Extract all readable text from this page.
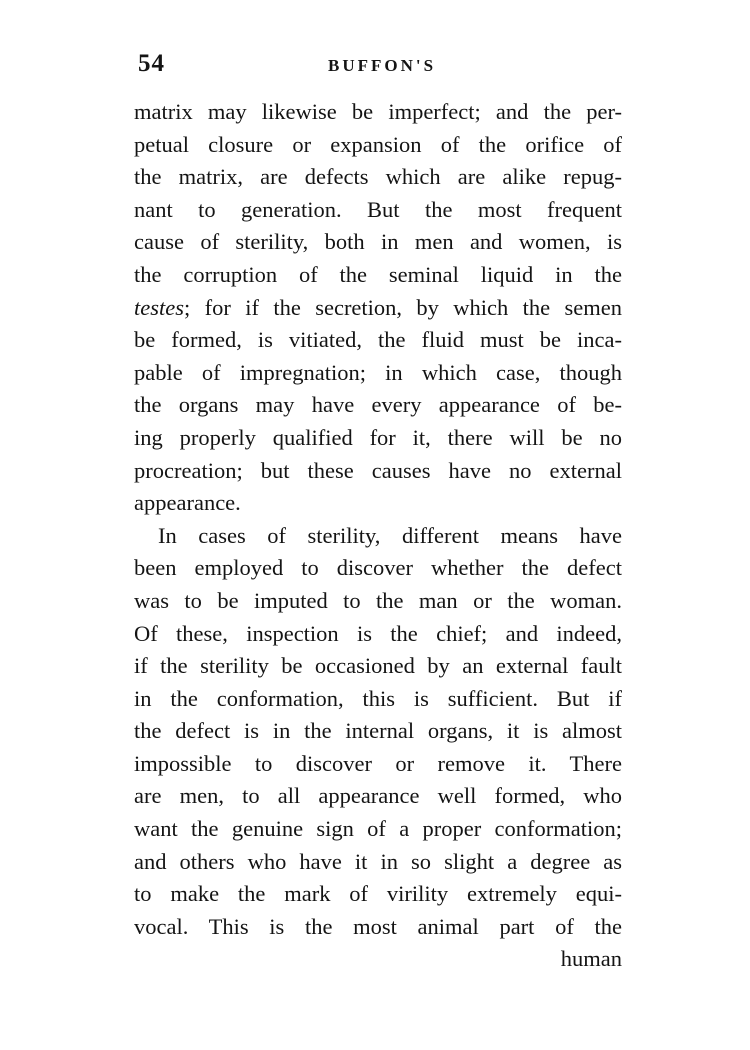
54	BUFFON'S
matrix may likewise be imperfect; and the per-
petual closure or expansion of the orifice of
the matrix, are defects which are alike repug-
nant to generation. But the most frequent
cause of sterility, both in men and women, is
the corruption of the seminal liquid in the
testes; for if the secretion, by which the semen
be formed, is vitiated, the fluid must be inca-
pable of impregnation; in which case, though
the organs may have every appearance of be-
ing properly qualified for it, there will be no
procreation; but these causes have no external
appearance.
In cases of sterility, different means have
been employed to discover whether the defect
was to be imputed to the man or the woman.
Of these, inspection is the chief; and indeed,
if the sterility be occasioned by an external fault
in the conformation, this is sufficient. But if
the defect is in the internal organs, it is almost
impossible to discover or remove it. There
are men, to all appearance well formed, who
want the genuine sign of a proper conformation;
and others who have it in so slight a degree as
to make the mark of virility extremely equi-
vocal. This is the most animal part of the
human
